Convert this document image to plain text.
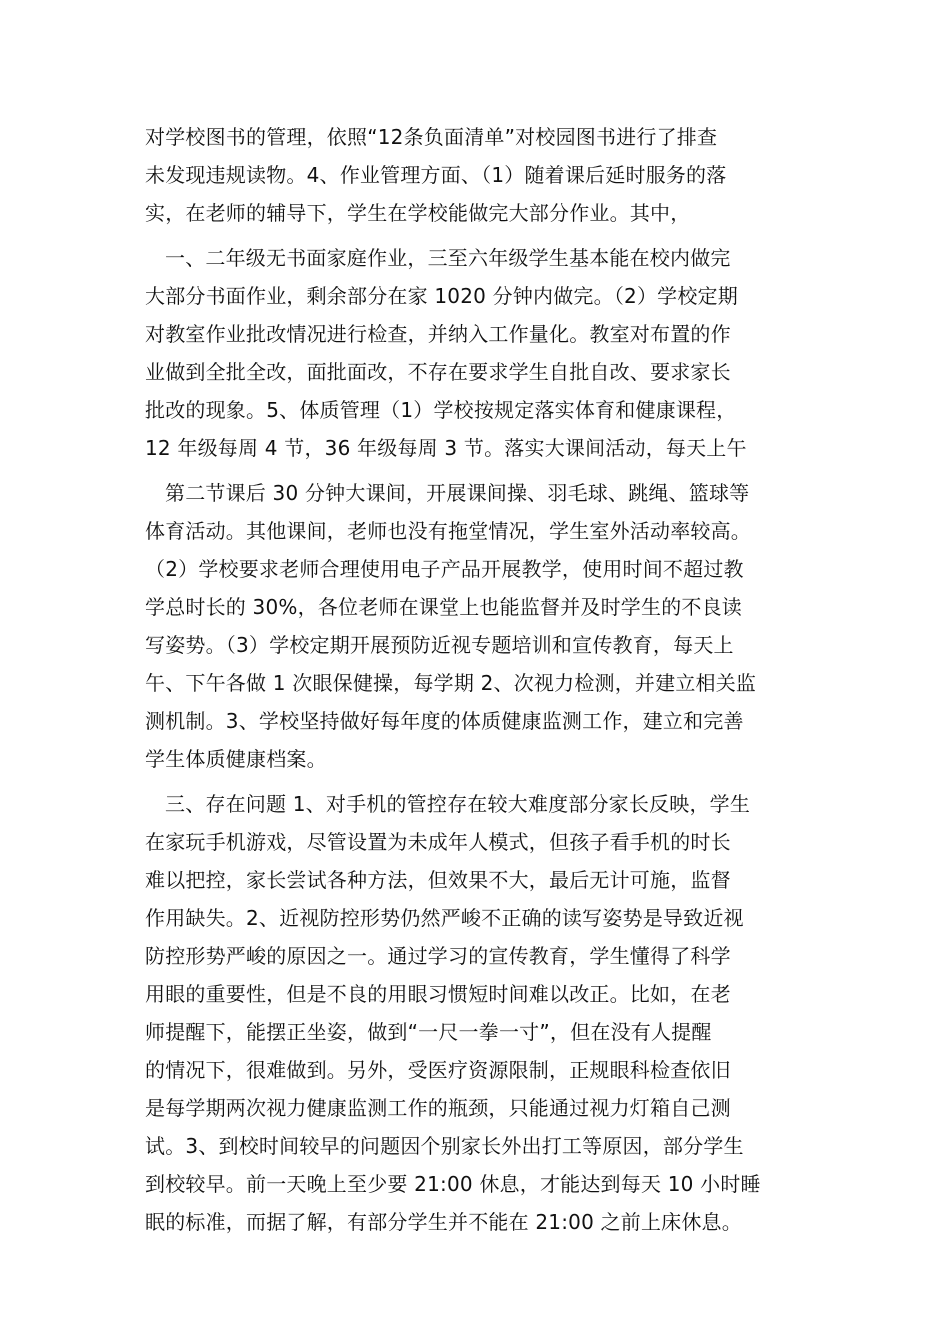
对学校图书的管理，依照“12条负面清单”对校园图书进行了排查
未发现违规读物。4、作业管理方面、（1）随着课后延时服务的落
实，在老师的辅导下，学生在学校能做完大部分作业。其中，
一、二年级无书面家庭作业，三至六年级学生基本能在校内做完
大部分书面作业，剩余部分在家 1020 分钟内做完。（2）学校定期
对教室作业批改情况进行检查，并纳入工作量化。教室对布置的作
业做到全批全改，面批面改，不存在要求学生自批自改、要求家长
批改的现象。5、体质管理（1）学校按规定落实体育和健康课程，
12 年级每周 4 节，36 年级每周 3 节。落实大课间活动，每天上午
第二节课后 30 分钟大课间，开展课间操、羽毛球、跳绳、篮球等
体育活动。其他课间，老师也没有拖堂情况，学生室外活动率较高。
（2）学校要求老师合理使用电子产品开展教学，使用时间不超过教
学总时长的 30%，各位老师在课堂上也能监督并及时学生的不良读
写姿势。（3）学校定期开展预防近视专题培训和宣传教育，每天上
午、下午各做 1 次眼保健操，每学期 2、次视力检测，并建立相关监
测机制。3、学校坚持做好每年度的体质健康监测工作，建立和完善
学生体质健康档案。
三、存在问题 1、对手机的管控存在较大难度部分家长反映，学生
在家玩手机游戏，尽管设置为未成年人模式，但孩子看手机的时长
难以把控，家长尝试各种方法，但效果不大，最后无计可施，监督
作用缺失。2、近视防控形势仍然严峻不正确的读写姿势是导致近视
防控形势严峻的原因之一。通过学习的宣传教育，学生懂得了科学
用眼的重要性，但是不良的用眼习惯短时间难以改正。比如，在老
师提醒下，能摆正坐姿，做到“一尺一拳一寸”，但在没有人提醒
的情况下，很难做到。另外，受医疗资源限制，正规眼科检查依旧
是每学期两次视力健康监测工作的瓶颈，只能通过视力灯箱自己测
试。3、到校时间较早的问题因个别家长外出打工等原因，部分学生
到校较早。前一天晚上至少要 21:00 休息，才能达到每天 10 小时睡
眠的标准，而据了解，有部分学生并不能在 21:00 之前上床休息。
